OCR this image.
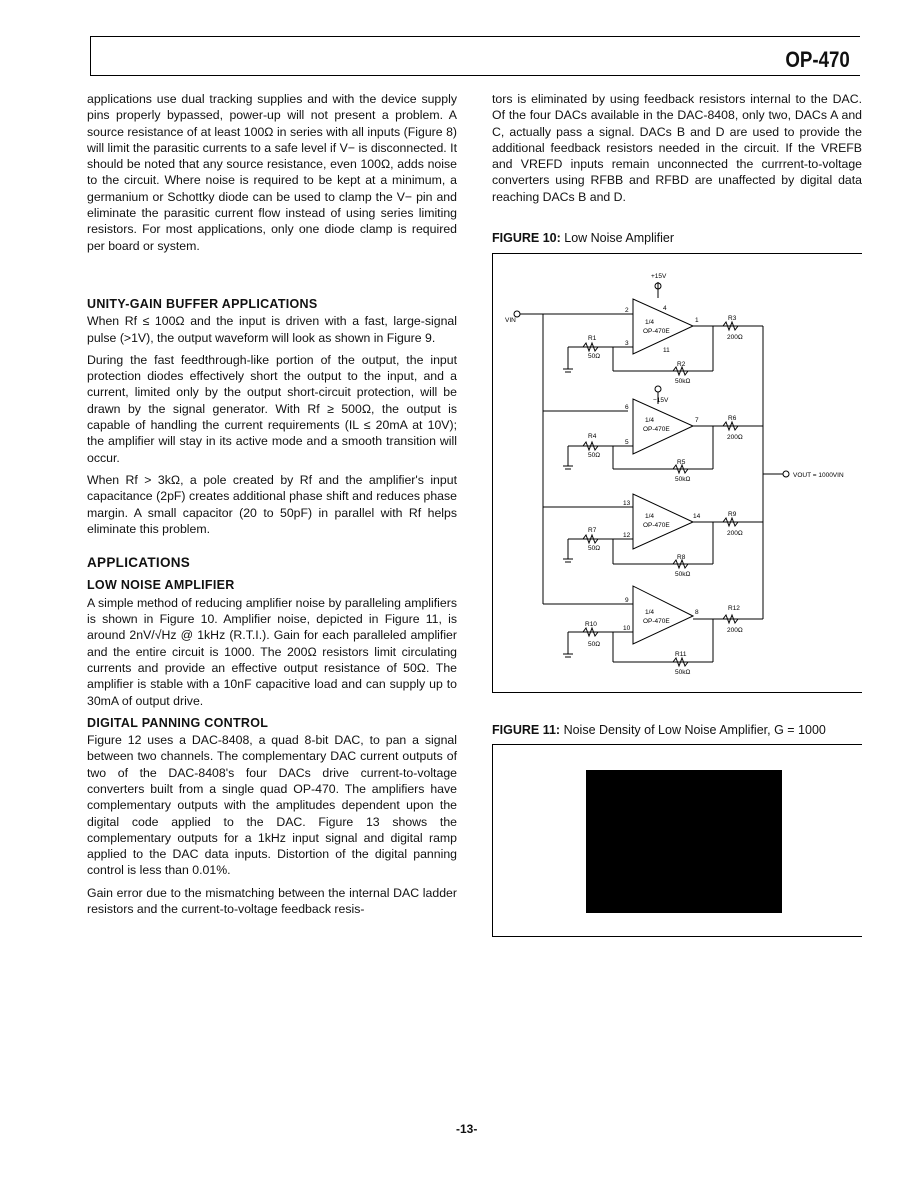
OP-470

applications use dual tracking supplies and with the device supply pins properly bypassed, power-up will not present a problem. A source resistance of at least 100Ω in series with all inputs (Figure 8) will limit the parasitic currents to a safe level if V− is disconnected. It should be noted that any source resistance, even 100Ω, adds noise to the circuit. Where noise is required to be kept at a minimum, a germanium or Schottky diode can be used to clamp the V− pin and eliminate the parasitic current flow instead of using series limiting resistors. For most applications, only one diode clamp is required per board or system.

UNITY-GAIN BUFFER APPLICATIONS

When Rf ≤ 100Ω and the input is driven with a fast, large-signal pulse (>1V), the output waveform will look as shown in Figure 9.

During the fast feedthrough-like portion of the output, the input protection diodes effectively short the output to the input, and a current, limited only by the output short-circuit protection, will be drawn by the signal generator. With Rf ≥ 500Ω, the output is capable of handling the current requirements (IL ≤ 20mA at 10V); the amplifier will stay in its active mode and a smooth transition will occur.

When Rf > 3kΩ, a pole created by Rf and the amplifier's input capacitance (2pF) creates additional phase shift and reduces phase margin. A small capacitor (20 to 50pF) in parallel with Rf helps eliminate this problem.

APPLICATIONS
LOW NOISE AMPLIFIER

A simple method of reducing amplifier noise by paralleling amplifiers is shown in Figure 10. Amplifier noise, depicted in Figure 11, is around 2nV/√Hz @ 1kHz (R.T.I.). Gain for each paralleled amplifier and the entire circuit is 1000. The 200Ω resistors limit circulating currents and provide an effective output resistance of 50Ω. The amplifier is stable with a 10nF capacitive load and can supply up to 30mA of output drive.

DIGITAL PANNING CONTROL

Figure 12 uses a DAC-8408, a quad 8-bit DAC, to pan a signal between two channels. The complementary DAC current outputs of two of the DAC-8408's four DACs drive current-to-voltage converters built from a single quad OP-470. The amplifiers have complementary outputs with the amplitudes dependent upon the digital code applied to the DAC. Figure 13 shows the complementary outputs for a 1kHz input signal and digital ramp applied to the DAC data inputs. Distortion of the digital panning control is less than 0.01%.

Gain error due to the mismatching between the internal DAC ladder resistors and the current-to-voltage feedback resis-

tors is eliminated by using feedback resistors internal to the DAC. Of the four DACs available in the DAC-8408, only two, DACs A and C, actually pass a signal. DACs B and D are used to provide the additional feedback resistors needed in the circuit. If the VREFB and VREFD inputs remain unconnected the currrent-to-voltage converters using RFBB and RFBD are unaffected by digital data reaching DACs B and D.

FIGURE 10: Low Noise Amplifier
+15V
−15V
VIN
VOUT = 1000VIN
1/4
OP-470E
1/4
OP-470E
1/4
OP-470E
1/4
OP-470E
R1
50Ω
R2
50kΩ
R3
200Ω
R4
50Ω
R5
50kΩ
R6
200Ω
R7
50Ω
R8
50kΩ
R9
200Ω
R10
50Ω
R11
50kΩ
R12
200Ω
2
3
4
11
1
6
5
7
13
12
14
9
10
8
FIGURE 11: Noise Density of Low Noise Amplifier, G = 1000
-13-
